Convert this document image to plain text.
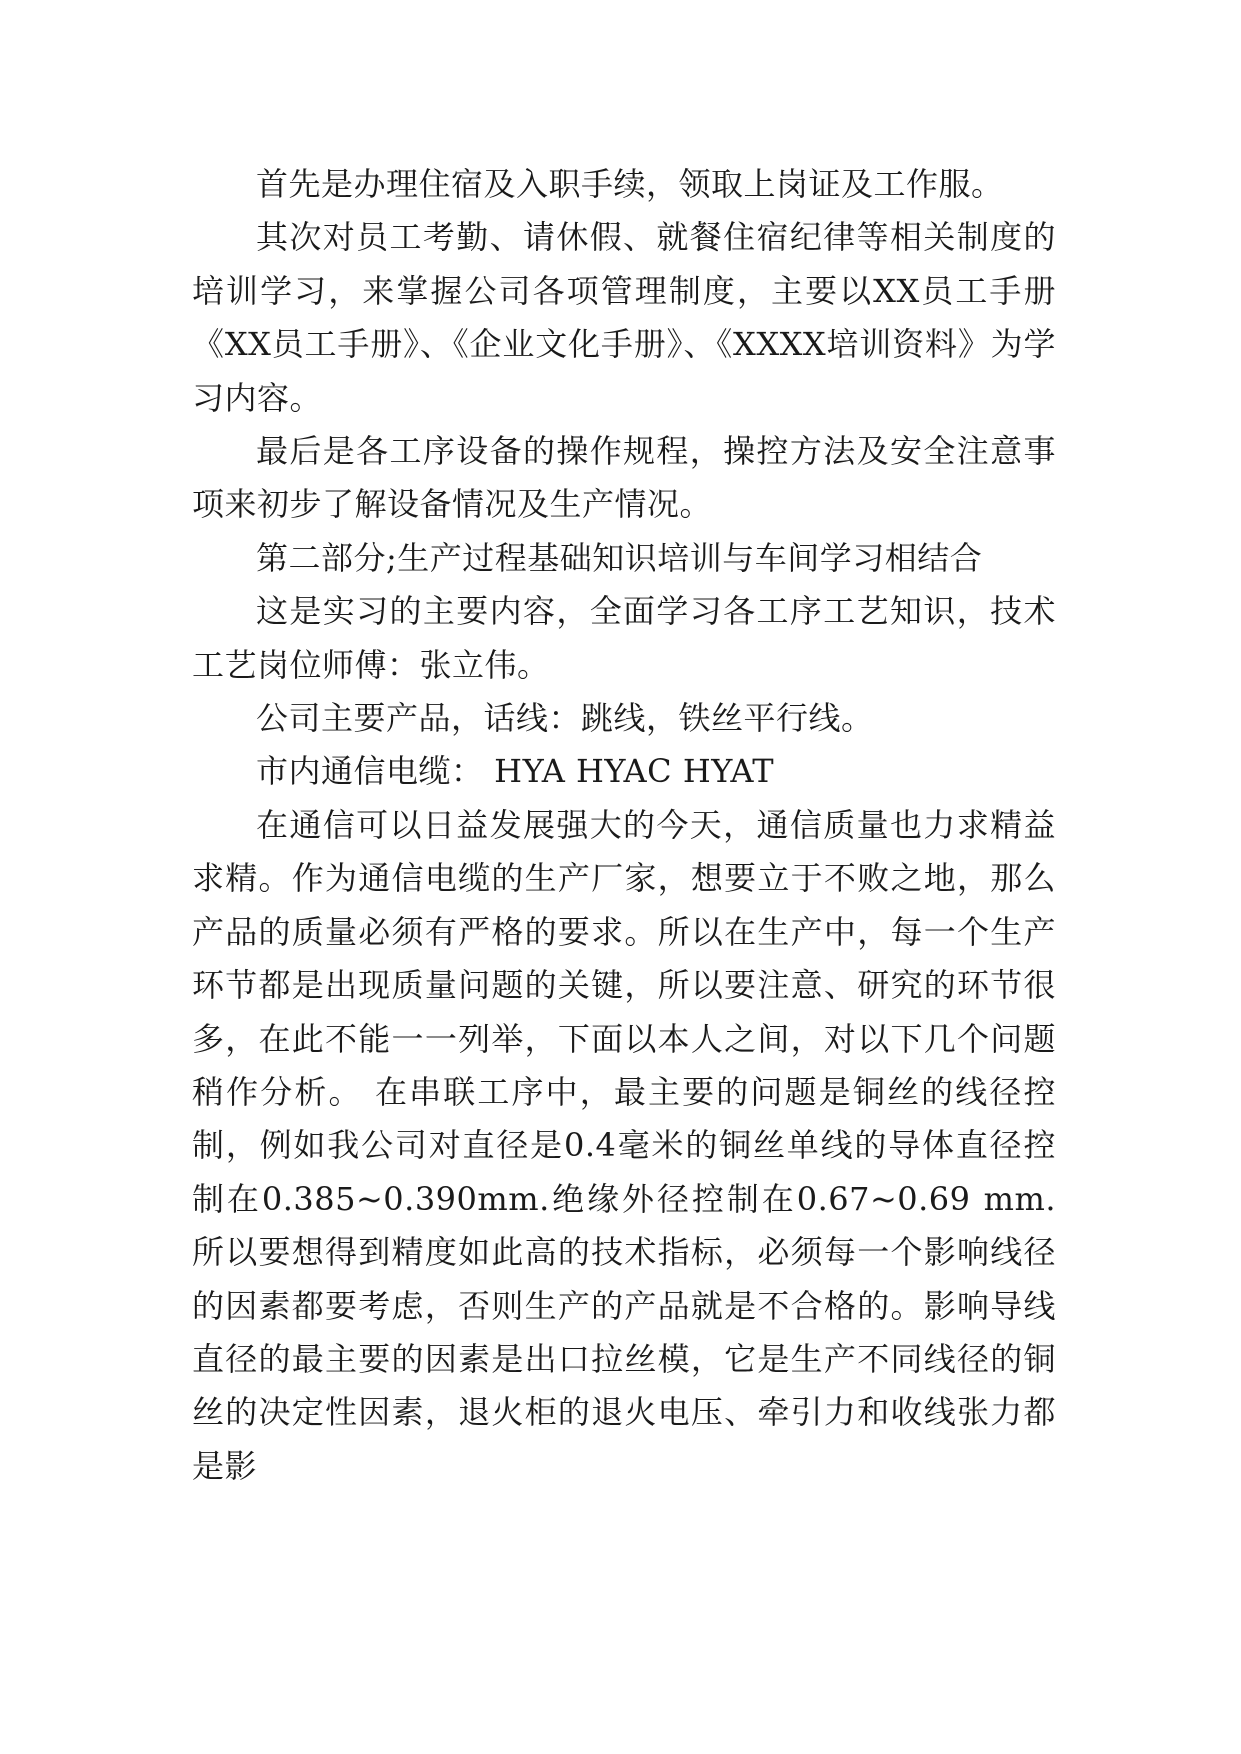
首先是办理住宿及入职手续，领取上岗证及工作服。

其次对员工考勤、请休假、就餐住宿纪律等相关制度的培训学习，来掌握公司各项管理制度，主要以XX员工手册《XX员工手册》、《企业文化手册》、《XXXX培训资料》为学习内容。

最后是各工序设备的操作规程，操控方法及安全注意事项来初步了解设备情况及生产情况。

第二部分;生产过程基础知识培训与车间学习相结合

这是实习的主要内容，全面学习各工序工艺知识，技术工艺岗位师傅：张立伟。

公司主要产品，话线：跳线，铁丝平行线。

市内通信电缆： HYA HYAC HYAT

在通信可以日益发展强大的今天，通信质量也力求精益求精。作为通信电缆的生产厂家，想要立于不败之地，那么产品的质量必须有严格的要求。所以在生产中，每一个生产环节都是出现质量问题的关键，所以要注意、研究的环节很多，在此不能一一列举，下面以本人之间，对以下几个问题稍作分析。 在串联工序中，最主要的问题是铜丝的线径控制，例如我公司对直径是0.4毫米的铜丝单线的导体直径控制在0.385~0.390mm.绝缘外径控制在0.67~0.69 mm. 所以要想得到精度如此高的技术指标，必须每一个影响线径的因素都要考虑，否则生产的产品就是不合格的。影响导线直径的最主要的因素是出口拉丝模，它是生产不同线径的铜丝的决定性因素，退火柜的退火电压、牵引力和收线张力都是影
